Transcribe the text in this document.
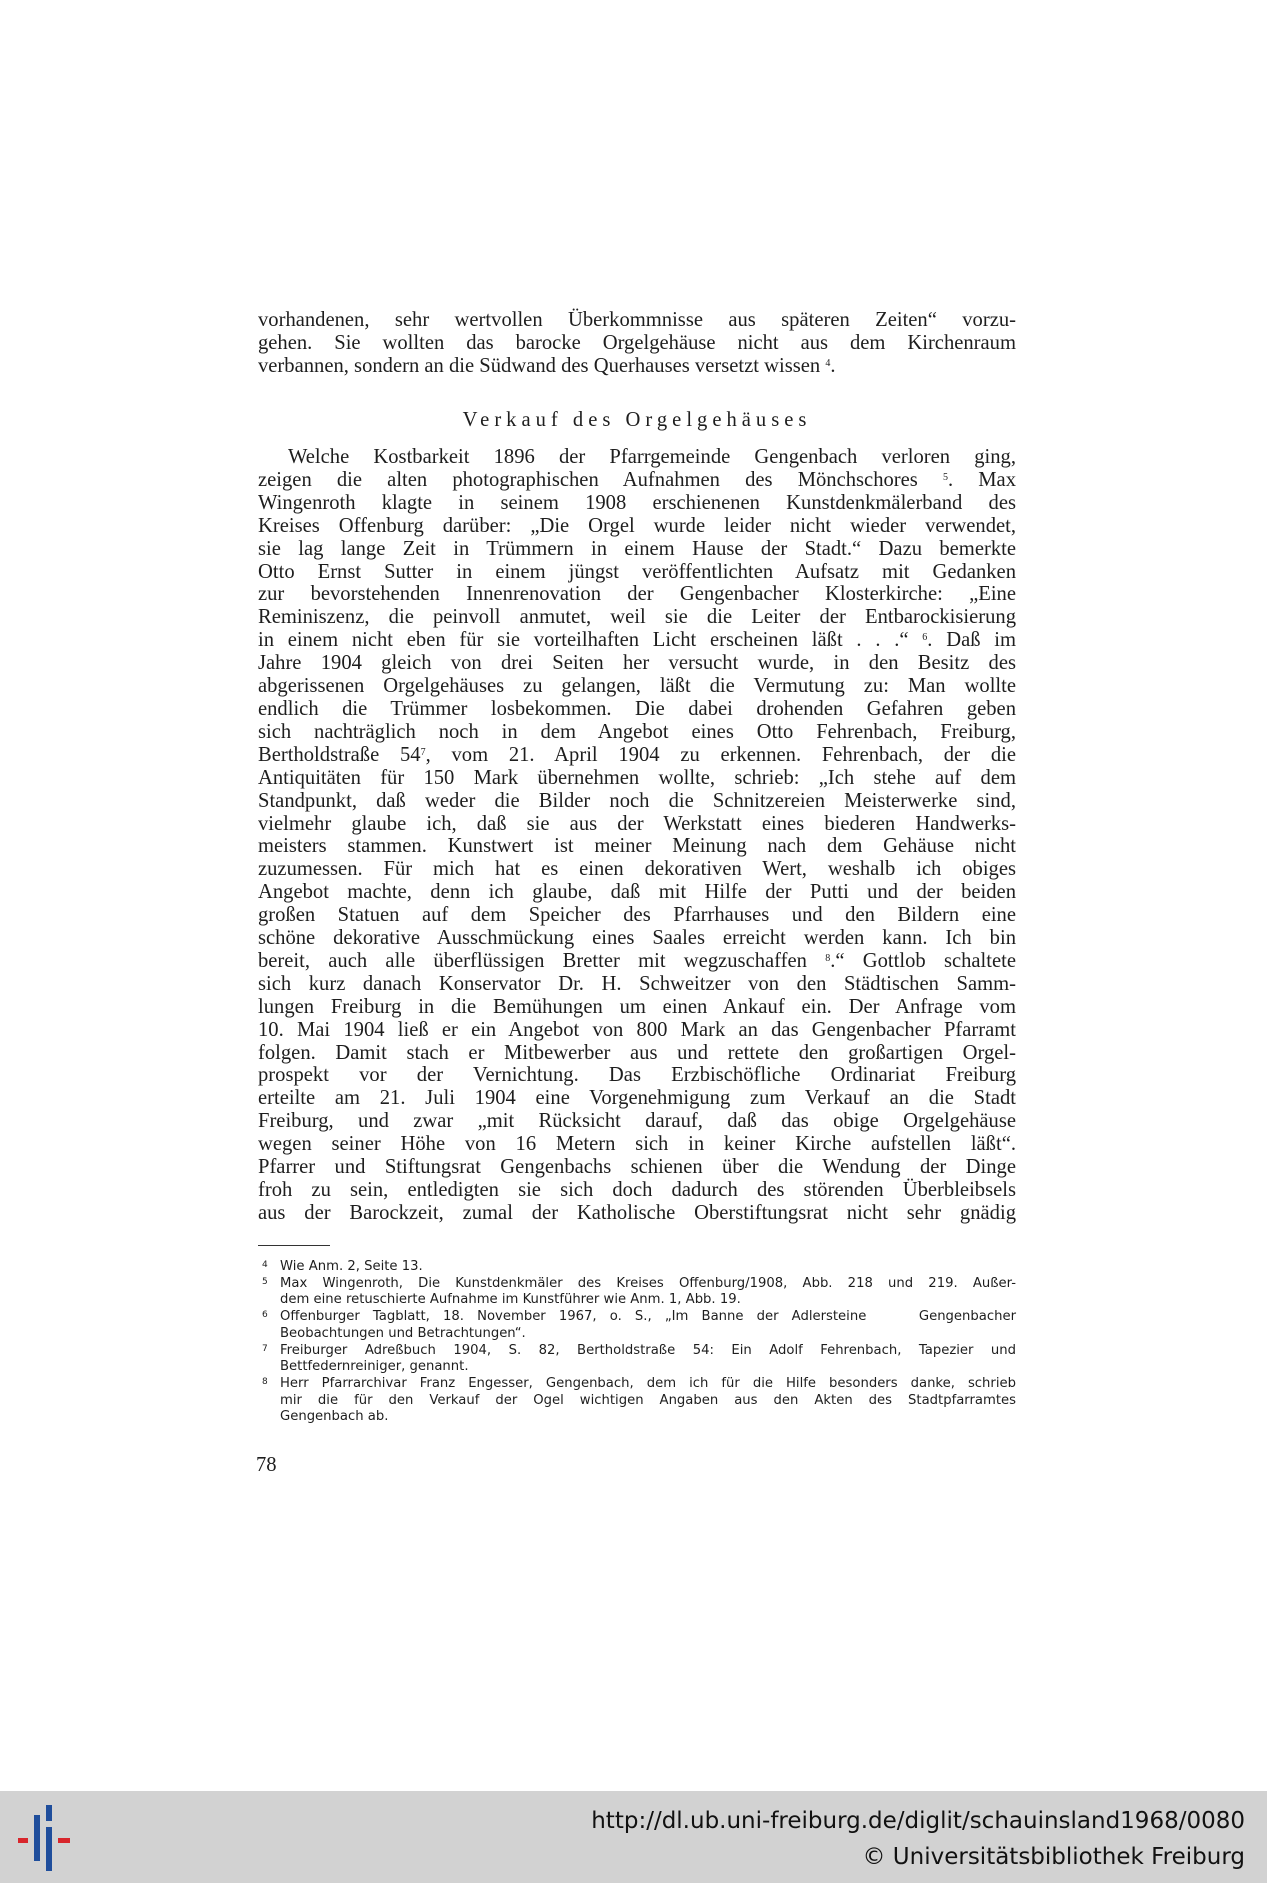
vorhandenen, sehr wertvollen Überkommnisse aus späteren Zeiten“ vorzu-
gehen. Sie wollten das barocke Orgelgehäuse nicht aus dem Kirchenraum
verbannen, sondern an die Südwand des Querhauses versetzt wissen $^4$.
Verkauf des Orgelgehäuses
Welche Kostbarkeit 1896 der Pfarrgemeinde Gengenbach verloren ging,
zeigen die alten photographischen Aufnahmen des Mönchschores	$^5$. Max
Wingenroth klagte in seinem 1908 erschienenen Kunstdenkmälerband des
Kreises Offenburg darüber: „Die Orgel wurde leider nicht wieder verwendet,
sie lag lange Zeit in Trümmern in einem Hause der Stadt.“ Dazu bemerkte
Otto Ernst Sutter in einem jüngst veröffentlichten Aufsatz mit Gedanken
zur bevorstehenden Innenrenovation der Gengenbacher Klosterkirche: „Eine
Reminiszenz, die peinvoll anmutet, weil sie die Leiter der Entbarockisierung
in einem nicht eben für sie vorteilhaften Licht erscheinen läßt . . .“ $^6$. Daß im
Jahre 1904 gleich von drei Seiten her versucht wurde, in den Besitz des
abgerissenen Orgelgehäuses zu gelangen, läßt die Vermutung zu: Man wollte
endlich die Trümmer losbekommen. Die dabei drohenden Gefahren geben
sich nachträglich noch in dem Angebot eines Otto Fehrenbach, Freiburg,
Bertholdstraße $54^7$, vom 21. April 1904 zu erkennen. Fehrenbach, der die
Antiquitäten für 150 Mark übernehmen wollte, schrieb: „Ich stehe auf dem
Standpunkt, daß weder die Bilder noch die Schnitzereien Meisterwerke sind,
vielmehr glaube ich, daß sie aus der Werkstatt eines biederen Handwerks-
meisters stammen. Kunstwert ist meiner Meinung nach dem Gehäuse nicht
zuzumessen. Für mich hat es einen dekorativen Wert, weshalb ich obiges
Angebot machte, denn ich glaube, daß mit Hilfe der Putti und der beiden
großen Statuen auf dem Speicher des Pfarrhauses und den Bildern eine
schöne dekorative Ausschmückung eines Saales erreicht werden kann. Ich bin
bereit, auch alle überflüssigen Bretter mit wegzuschaffen $^8$.“ Gottlob schaltete
sich kurz danach Konservator Dr. H. Schweitzer von den Städtischen Samm-
lungen Freiburg in die Bemühungen um einen Ankauf ein. Der Anfrage vom
10. Mai 1904 ließ er ein Angebot von 800 Mark an das Gengenbacher Pfarramt
folgen. Damit stach er Mitbewerber aus und rettete den großartigen Orgel-
prospekt vor der Vernichtung. Das Erzbischöfliche Ordinariat Freiburg
erteilte am 21. Juli 1904 eine Vorgenehmigung zum Verkauf an die Stadt
Freiburg, und zwar „mit Rücksicht darauf, daß das obige Orgelgehäuse
wegen seiner Höhe von 16 Metern sich in keiner Kirche aufstellen läßt“.
Pfarrer und Stiftungsrat Gengenbachs schienen über die Wendung der Dinge
froh zu sein, entledigten sie sich doch dadurch des störenden Überbleibsels
aus der Barockzeit, zumal der Katholische Oberstiftungsrat nicht sehr gnädig
4 Wie Anm. 2, Seite 13.
5 Max Wingenroth, Die Kunstdenkmäler des Kreises Offenburg/1908, Abb. 218 und 219. Außer-
dem eine retuschierte Aufnahme im Kunstführer wie Anm. 1, Abb. 19.
6 Offenburger Tagblatt, 18. November 1967, o. S., „Im Banne der Adlersteine    Gengenbacher
Beobachtungen und Betrachtungen“.
7 Freiburger Adreßbuch 1904, S. 82, Bertholdstraße 54: Ein Adolf Fehrenbach, Tapezier und
Bettfedernreiniger, genannt.
8 Herr Pfarrarchivar Franz Engesser, Gengenbach, dem ich für die Hilfe besonders danke, schrieb
mir die für den Verkauf der Ogel wichtigen Angaben aus den Akten des Stadtpfarramtes
Gengenbach ab.
78
http://dl.ub.uni-freiburg.de/diglit/schauinsland1968/0080
© Universitätsbibliothek Freiburg
